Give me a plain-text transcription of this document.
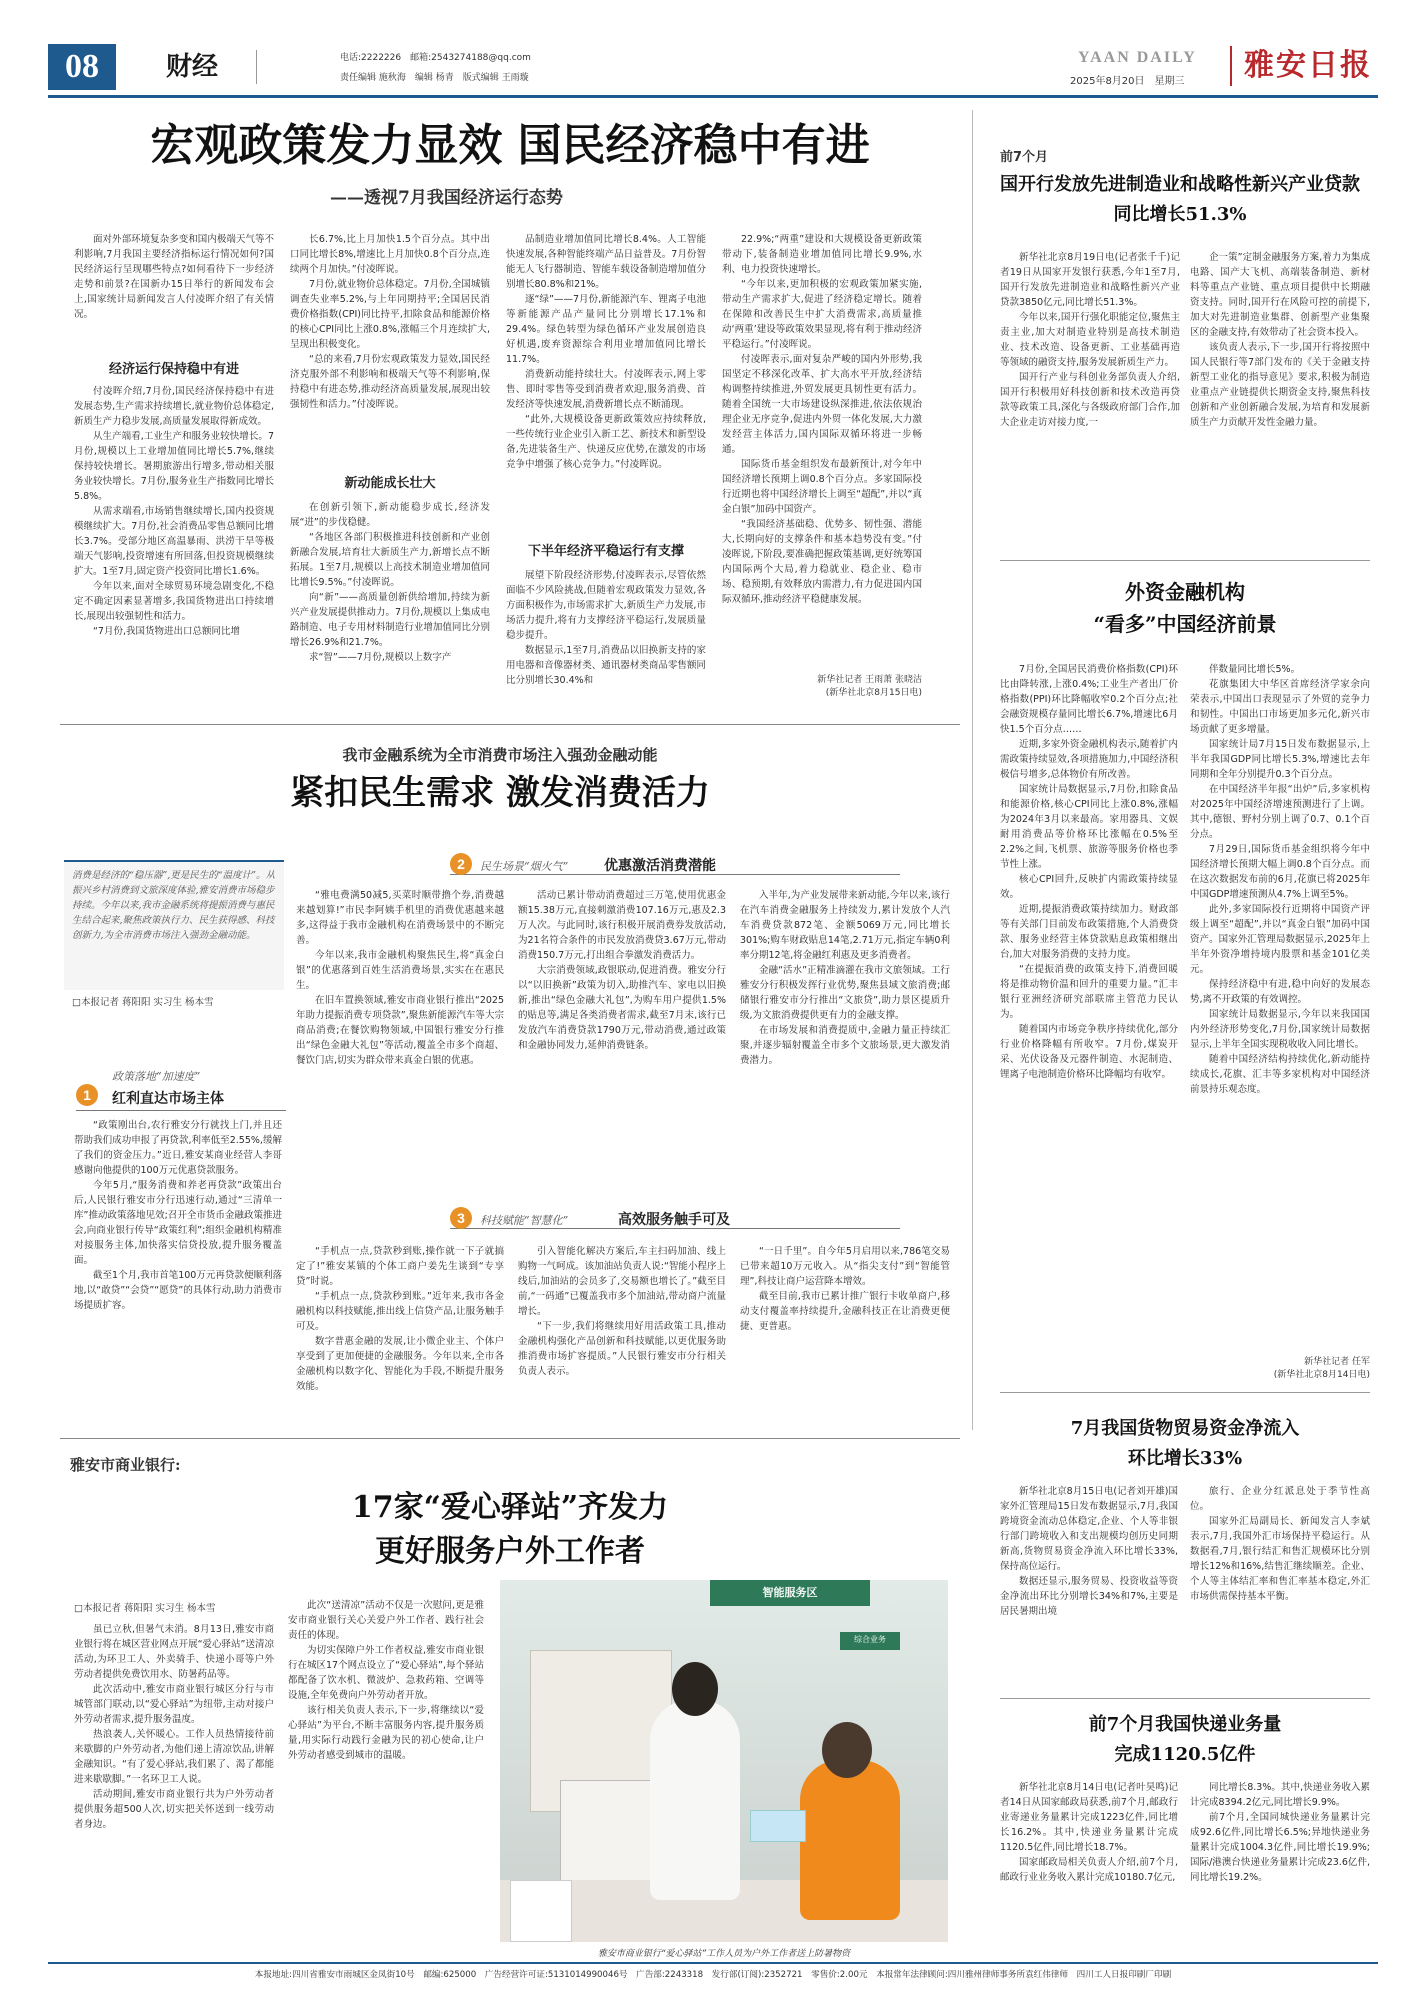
08	财经	电话:2222226　邮箱:2543274188@qq.com
责任编辑 施秋海　编辑 杨青　版式编辑 王雨璇
YAAN DAILY
2025年8月20日　星期三 雅安日报
宏观政策发力显效 国民经济稳中有进
——透视7月我国经济运行态势

面对外部环境复杂多变和国内极端天气等不利影响,7月我国主要经济指标运行情况如何?国民经济运行呈现哪些特点?如何看待下一步经济走势和前景?在国新办15日举行的新闻发布会上,国家统计局新闻发言人付凌晖介绍了有关情况。

经济运行保持稳中有进

付凌晖介绍,7月份,国民经济保持稳中有进发展态势,生产需求持续增长,就业物价总体稳定,新质生产力稳步发展,高质量发展取得新成效。

从生产端看,工业生产和服务业较快增长。7月份,规模以上工业增加值同比增长5.7%,继续保持较快增长。暑期旅游出行增多,带动相关服务业较快增长。7月份,服务业生产指数同比增长5.8%。

从需求端看,市场销售继续增长,国内投资规模继续扩大。7月份,社会消费品零售总额同比增长3.7%。受部分地区高温暴雨、洪涝干旱等极端天气影响,投资增速有所回落,但投资规模继续扩大。1至7月,固定资产投资同比增长1.6%。

今年以来,面对全球贸易环境急剧变化,不稳定不确定因素显著增多,我国货物进出口持续增长,展现出较强韧性和活力。

“7月份,我国货物进出口总额同比增

长6.7%,比上月加快1.5个百分点。其中出口同比增长8%,增速比上月加快0.8个百分点,连续两个月加快。”付凌晖说。

7月份,就业物价总体稳定。7月份,全国城镇调查失业率5.2%,与上年同期持平;全国居民消费价格指数(CPI)同比持平,扣除食品和能源价格的核心CPI同比上涨0.8%,涨幅三个月连续扩大,呈现出积极变化。

“总的来看,7月份宏观政策发力显效,国民经济克服外部不利影响和极端天气等不利影响,保持稳中有进态势,推动经济高质量发展,展现出较强韧性和活力。”付凌晖说。

新动能成长壮大

在创新引领下,新动能稳步成长,经济发展“进”的步伐稳健。

“各地区各部门积极推进科技创新和产业创新融合发展,培育壮大新质生产力,新增长点不断拓展。1至7月,规模以上高技术制造业增加值同比增长9.5%。”付凌晖说。

向“新”——高质量创新供给增加,持续为新兴产业发展提供推动力。7月份,规模以上集成电路制造、电子专用材料制造行业增加值同比分别增长26.9%和21.7%。

求“智”——7月份,规模以上数字产

品制造业增加值同比增长8.4%。人工智能快速发展,各种智能终端产品日益普及。7月份智能无人飞行器制造、智能车载设备制造增加值分别增长80.8%和21%。

逐“绿”——7月份,新能源汽车、锂离子电池等新能源产品产量同比分别增长17.1%和29.4%。绿色转型为绿色循环产业发展创造良好机遇,废弃资源综合利用业增加值同比增长11.7%。

消费新动能持续壮大。付凌晖表示,网上零售、即时零售等受到消费者欢迎,服务消费、首发经济等快速发展,消费新增长点不断涌现。

“此外,大规模设备更新政策效应持续释放,一些传统行业企业引入新工艺、新技术和新型设备,先进装备生产、快递反应优势,在激发的市场竞争中增强了核心竞争力。”付凌晖说。

下半年经济平稳运行有支撑

展望下阶段经济形势,付凌晖表示,尽管依然面临不少风险挑战,但随着宏观政策发力显效,各方面积极作为,市场需求扩大,新质生产力发展,市场活力提升,将有力支撑经济平稳运行,发展质量稳步提升。

数据显示,1至7月,消费品以旧换新支持的家用电器和音像器材类、通讯器材类商品零售额同比分别增长30.4%和

22.9%;“两重”建设和大规模设备更新政策带动下,装备制造业增加值同比增长9.9%,水利、电力投资快速增长。

“今年以来,更加积极的宏观政策加紧实施,带动生产需求扩大,促进了经济稳定增长。随着在保障和改善民生中扩大消费需求,高质量推动‘两重’建设等政策效果显现,将有利于推动经济平稳运行。”付凌晖说。

付凌晖表示,面对复杂严峻的国内外形势,我国坚定不移深化改革、扩大高水平开放,经济结构调整持续推进,外贸发展更具韧性更有活力。随着全国统一大市场建设纵深推进,依法依规治理企业无序竞争,促进内外贸一体化发展,大力激发经营主体活力,国内国际双循环将进一步畅通。

国际货币基金组织发布最新预计,对今年中国经济增长预期上调0.8个百分点。多家国际投行近期也将中国经济增长上调至“超配”,并以“真金白银”加码中国资产。

“我国经济基础稳、优势多、韧性强、潜能大,长期向好的支撑条件和基本趋势没有变。”付凌晖说,下阶段,要准确把握政策基调,更好统筹国内国际两个大局,着力稳就业、稳企业、稳市场、稳预期,有效释放内需潜力,有力促进国内国际双循环,推动经济平稳健康发展。

新华社记者 王雨萧 张晓洁
(新华社北京8月15日电)
前7个月
国开行发放先进制造业和战略性新兴产业贷款同比增长51.3%

新华社北京8月19日电(记者张千千)记者19日从国家开发银行获悉,今年1至7月,国开行发放先进制造业和战略性新兴产业贷款3850亿元,同比增长51.3%。

今年以来,国开行强化职能定位,聚焦主责主业,加大对制造业特别是高技术制造业、技术改造、设备更新、工业基础再造等领域的融资支持,服务发展新质生产力。

国开行产业与科创业务部负责人介绍,国开行积极用好科技创新和技术改造再贷款等政策工具,深化与各级政府部门合作,加大企业走访对接力度,一

企一策”定制金融服务方案,着力为集成电路、国产大飞机、高端装备制造、新材料等重点产业链、重点项目提供中长期融资支持。同时,国开行在风险可控的前提下,加大对先进制造业集群、创新型产业集聚区的金融支持,有效带动了社会资本投入。

该负责人表示,下一步,国开行将按照中国人民银行等7部门发布的《关于金融支持新型工业化的指导意见》要求,积极为制造业重点产业链提供长期资金支持,聚焦科技创新和产业创新融合发展,为培育和发展新质生产力贡献开发性金融力量。

外资金融机构
“看多”中国经济前景

7月份,全国居民消费价格指数(CPI)环比由降转涨,上涨0.4%;工业生产者出厂价格指数(PPI)环比降幅收窄0.2个百分点;社会融资规模存量同比增长6.7%,增速比6月快1.5个百分点……

近期,多家外资金融机构表示,随着扩内需政策持续显效,各项措施加力,中国经济积极信号增多,总体物价有所改善。

国家统计局数据显示,7月份,扣除食品和能源价格,核心CPI同比上涨0.8%,涨幅为2024年3月以来最高。家用器具、文娱耐用消费品等价格环比涨幅在0.5%至2.2%之间,飞机票、旅游等服务价格也季节性上涨。

核心CPI回升,反映扩内需政策持续显效。

近期,提振消费政策持续加力。财政部等有关部门目前发布政策措施,个人消费贷款、服务业经营主体贷款贴息政策相继出台,加大对服务消费的支持力度。

“在提振消费的政策支持下,消费回暖将是推动物价温和回升的重要力量。”汇丰银行亚洲经济研究部联席主管范力民认为。

随着国内市场竞争秩序持续优化,部分行业价格降幅有所收窄。7月份,煤炭开采、光伏设备及元器件制造、水泥制造、锂离子电池制造价格环比降幅均有收窄。

伴数量同比增长5%。

花旗集团大中华区首席经济学家余向荣表示,中国出口表现显示了外贸的竞争力和韧性。中国出口市场更加多元化,新兴市场贡献了更多增量。

国家统计局7月15日发布数据显示,上半年我国GDP同比增长5.3%,增速比去年同期和全年分别提升0.3个百分点。

在中国经济半年报“出炉”后,多家机构对2025年中国经济增速预测进行了上调。其中,德银、野村分别上调了0.7、0.1个百分点。

7月29日,国际货币基金组织将今年中国经济增长预期大幅上调0.8个百分点。而在这次数据发布前的6月,花旗已将2025年中国GDP增速预测从4.7%上调至5%。

此外,多家国际投行近期将中国资产评级上调至“超配”,并以“真金白银”加码中国资产。国家外汇管理局数据显示,2025年上半年外资净增持境内股票和基金101亿美元。

保持经济稳中有进,稳中向好的发展态势,离不开政策的有效调控。

国家统计局数据显示,今年以来我国国内外经济形势变化,7月份,国家统计局数据显示,上半年全国实现税收收入同比增长。

随着中国经济结构持续优化,新动能持续成长,花旗、汇丰等多家机构对中国经济前景持乐观态度。

新华社记者 任军
(新华社北京8月14日电)
7月我国货物贸易资金净流入
环比增长33%

新华社北京8月15日电(记者刘开雄)国家外汇管理局15日发布数据显示,7月,我国跨境资金流动总体稳定,企业、个人等非银行部门跨境收入和支出规模均创历史同期新高,货物贸易资金净流入环比增长33%,保持高位运行。

数据还显示,服务贸易、投资收益等资金净流出环比分别增长34%和7%,主要是居民暑期出境

旅行、企业分红派息处于季节性高位。

国家外汇局副局长、新闻发言人李斌表示,7月,我国外汇市场保持平稳运行。从数据看,7月,银行结汇和售汇规模环比分别增长12%和16%,结售汇继续顺差。企业、个人等主体结汇率和售汇率基本稳定,外汇市场供需保持基本平衡。

前7个月我国快递业务量
完成1120.5亿件

新华社北京8月14日电(记者叶昊鸣)记者14日从国家邮政局获悉,前7个月,邮政行业寄递业务量累计完成1223亿件,同比增长16.2%。其中,快递业务量累计完成1120.5亿件,同比增长18.7%。

国家邮政局相关负责人介绍,前7个月,邮政行业业务收入累计完成10180.7亿元,

同比增长8.3%。其中,快递业务收入累计完成8394.2亿元,同比增长9.9%。

前7个月,全国同城快递业务量累计完成92.6亿件,同比增长6.5%;异地快递业务量累计完成1004.3亿件,同比增长19.9%;国际/港澳台快递业务量累计完成23.6亿件,同比增长19.2%。

我市金融系统为全市消费市场注入强劲金融动能
紧扣民生需求 激发消费活力
消费是经济的“稳压器”,更是民生的“温度计”。从振兴乡村消费到文旅深度体验,雅安消费市场稳步持续。今年以来,我市金融系统将提振消费与惠民生结合起来,聚焦政策执行力、民生获得感、科技创新力,为全市消费市场注入强劲金融动能。
□本报记者 蒋阳阳 实习生 杨本雪
2	民生场景“烟火气”	优惠激活消费潜能
1
政策落地“加速度”
红利直达市场主体

“政策刚出台,农行雅安分行就找上门,并且还帮助我们成功申报了再贷款,利率低至2.55%,缓解了我们的资金压力。”近日,雅安某商业经营人李哥感谢向他提供的100万元优惠贷款服务。

今年5月,“服务消费和养老再贷款”政策出台后,人民银行雅安市分行迅速行动,通过“三清单一库”推动政策落地见效;召开全市货币金融政策推进会,向商业银行传导“政策红利”;组织金融机构精准对接服务主体,加快落实信贷投放,提升服务覆盖面。

截至1个月,我市首笔100万元再贷款便顺利落地,以“敢贷”“会贷”“愿贷”的具体行动,助力消费市场提质扩容。

“雅电费满50减5,买菜时顺带撸个券,消费越来越划算!”市民李阿姨手机里的消费优惠越来越多,这得益于我市金融机构在消费场景中的不断完善。

今年以来,我市金融机构聚焦民生,将“真金白银”的优惠落到百姓生活消费场景,实实在在惠民生。

在旧车置换领域,雅安市商业银行推出“2025年助力提振消费专项贷款”,聚焦新能源汽车等大宗商品消费;在餐饮购物领域,中国银行雅安分行推出“绿色金融大礼包”等活动,覆盖全市多个商超、餐饮门店,切实为群众带来真金白银的优惠。

活动已累计带动消费超过三万笔,使用优惠金额15.38万元,直接刺激消费107.16万元,惠及2.3万人次。与此同时,该行积极开展消费券发放活动,为21名符合条件的市民发放消费贷3.67万元,带动消费150.7万元,打出组合拳激发消费活力。

大宗消费领域,政银联动,促进消费。雅安分行以“以旧换新”政策为切入,助推汽车、家电以旧换新,推出“绿色金融大礼包”,为购车用户提供1.5%的贴息等,满足各类消费者需求,截至7月末,该行已发放汽车消费贷款1790万元,带动消费,通过政策和金融协同发力,延伸消费链条。

入半年,为产业发展带来新动能,今年以来,该行在汽车消费金融服务上持续发力,累计发放个人汽车消费贷款872笔、金额5069万元,同比增长301%;购车财政贴息14笔,2.71万元,指定车辆0利率分期12笔,将金融红利惠及更多消费者。

金融“活水”正精准滴灌在我市文旅领域。工行雅安分行积极发挥行业优势,聚焦县域文旅消费;邮储银行雅安市分行推出“文旅贷”,助力景区提质升级,为文旅消费提供更有力的金融支撑。

在市场发展和消费提质中,金融力量正持续汇聚,并逐步辐射覆盖全市多个文旅场景,更大激发消费潜力。

3	科技赋能“智慧化”	高效服务触手可及

“手机点一点,贷款秒到账,操作就一下子就搞定了!”雅安某镇的个体工商户姜先生谈到“专享贷”时说。

“手机点一点,贷款秒到账。”近年来,我市各金融机构以科技赋能,推出线上信贷产品,让服务触手可及。

数字普惠金融的发展,让小微企业主、个体户享受到了更加便捷的金融服务。今年以来,全市各金融机构以数字化、智能化为手段,不断提升服务效能。

引入智能化解决方案后,车主扫码加油、线上购物一气呵成。该加油站负责人说:“智能小程序上线后,加油站的会员多了,交易额也增长了。”截至目前,“一码通”已覆盖我市多个加油站,带动商户流量增长。

“下一步,我们将继续用好用活政策工具,推动金融机构强化产品创新和科技赋能,以更优服务助推消费市场扩容提质。”人民银行雅安市分行相关负责人表示。

“一日千里”。自今年5月启用以来,786笔交易已带来超10万元收入。从“指尖支付”到“智能管理”,科技让商户运营降本增效。

截至目前,我市已累计推广银行卡收单商户,移动支付覆盖率持续提升,金融科技正在让消费更便捷、更普惠。

雅安市商业银行:
17家“爱心驿站”齐发力
更好服务户外工作者
□本报记者 蒋阳阳 实习生 杨本雪

虽已立秋,但暑气未消。8月13日,雅安市商业银行将在城区营业网点开展“爱心驿站”送清凉活动,为环卫工人、外卖骑手、快递小哥等户外劳动者提供免费饮用水、防暑药品等。

此次活动中,雅安市商业银行城区分行与市城管部门联动,以“爱心驿站”为纽带,主动对接户外劳动者需求,提升服务温度。

热浪袭人,关怀暖心。工作人员热情接待前来歇脚的户外劳动者,为他们递上清凉饮品,讲解金融知识。“有了爱心驿站,我们累了、渴了都能进来歇歇脚。”一名环卫工人说。

活动期间,雅安市商业银行共为户外劳动者提供服务超500人次,切实把关怀送到一线劳动者身边。

此次“送清凉”活动不仅是一次慰问,更是雅安市商业银行关心关爱户外工作者、践行社会责任的体现。

为切实保障户外工作者权益,雅安市商业银行在城区17个网点设立了“爱心驿站”,每个驿站都配备了饮水机、微波炉、急救药箱、空调等设施,全年免费向户外劳动者开放。

该行相关负责人表示,下一步,将继续以“爱心驿站”为平台,不断丰富服务内容,提升服务质量,用实际行动践行金融为民的初心使命,让户外劳动者感受到城市的温暖。

智能服务区
综合业务
雅安市商业银行“爱心驿站”工作人员为户外工作者送上防暑物资
本报地址:四川省雅安市雨城区金凤街10号　邮编:625000　广告经营许可证:5131014990046号　广告部:2243318　发行部(订阅):2352721　零售价:2.00元　本报常年法律顾问:四川雅州律师事务所袁红伟律师　四川工人日报印刷厂印刷
